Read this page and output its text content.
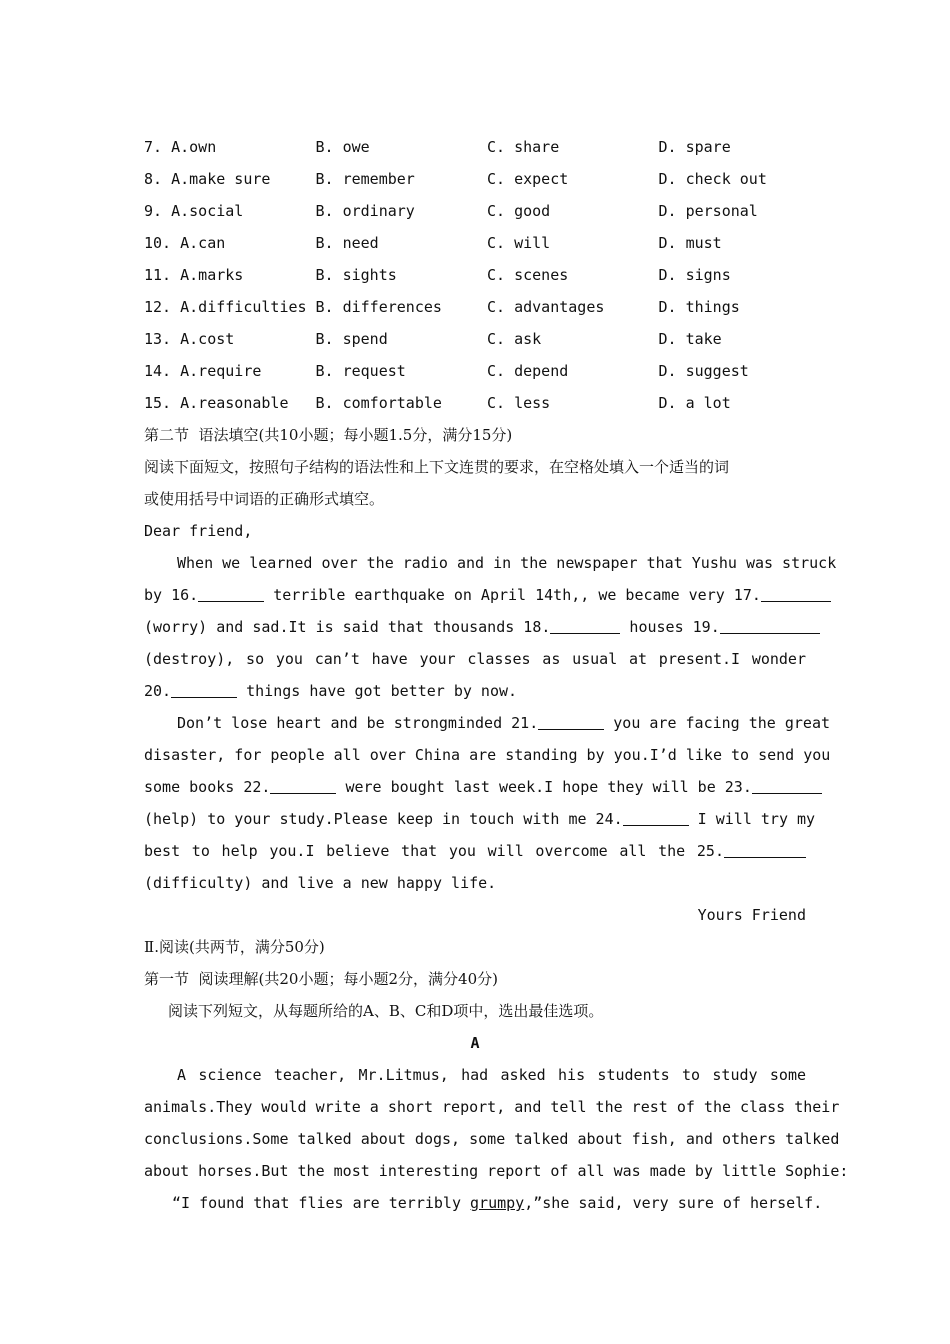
7. A.own	B. owe	C. share	D. spare
8. A.make sure	B. remember	C. expect	D. check out
9. A.social	B. ordinary	C. good	D. personal
10. A.can	B. need	C. will	D. must
11. A.marks	B. sights	C. scenes	D. signs
12. A.difficulties B. differences	C. advantages	D. things
13. A.cost	B. spend	C. ask	D. take
14. A.require	B. request	C. depend	D. suggest
15. A.reasonable	B. comfortable	C. less	D. a lot
第二节  语法填空(共10小题；每小题1.5分，满分15分)
阅读下面短文，按照句子结构的语法性和上下文连贯的要求，在空格处填入一个适当的词
或使用括号中词语的正确形式填空。
Dear friend,
When we learned over the radio and in the newspaper that Yushu was struck
by 16.	terrible earthquake on April 14th,, we became very 17.
(worry) and sad.It is said that thousands 18.	houses 19.
(destroy), so you can’t have your classes as usual at present.I wonder
20.	things have got better by now.
Don’t lose heart and be strongminded 21.	you are facing the great
disaster, for people all over China are standing by you.I’d like to send you
some books 22.	were bought last week.I hope they will be 23.
(help) to your study.Please keep in touch with me 24.	I will try my
best to help you.I believe that you will overcome all the 25.
(difficulty) and live a new happy life.
Yours Friend
Ⅱ.阅读(共两节，满分50分)
第一节  阅读理解(共20小题；每小题2分，满分40分)
阅读下列短文，从每题所给的A、B、C和D项中，选出最佳选项。
A
A science teacher, Mr.Litmus, had asked his students to study some
animals.They would write a short report, and tell the rest of the class their
conclusions.Some talked about dogs, some talked about fish, and others talked
about horses.But the most interesting report of all was made by little Sophie:
“I found that flies are terribly grumpy,”she said, very sure of herself.
